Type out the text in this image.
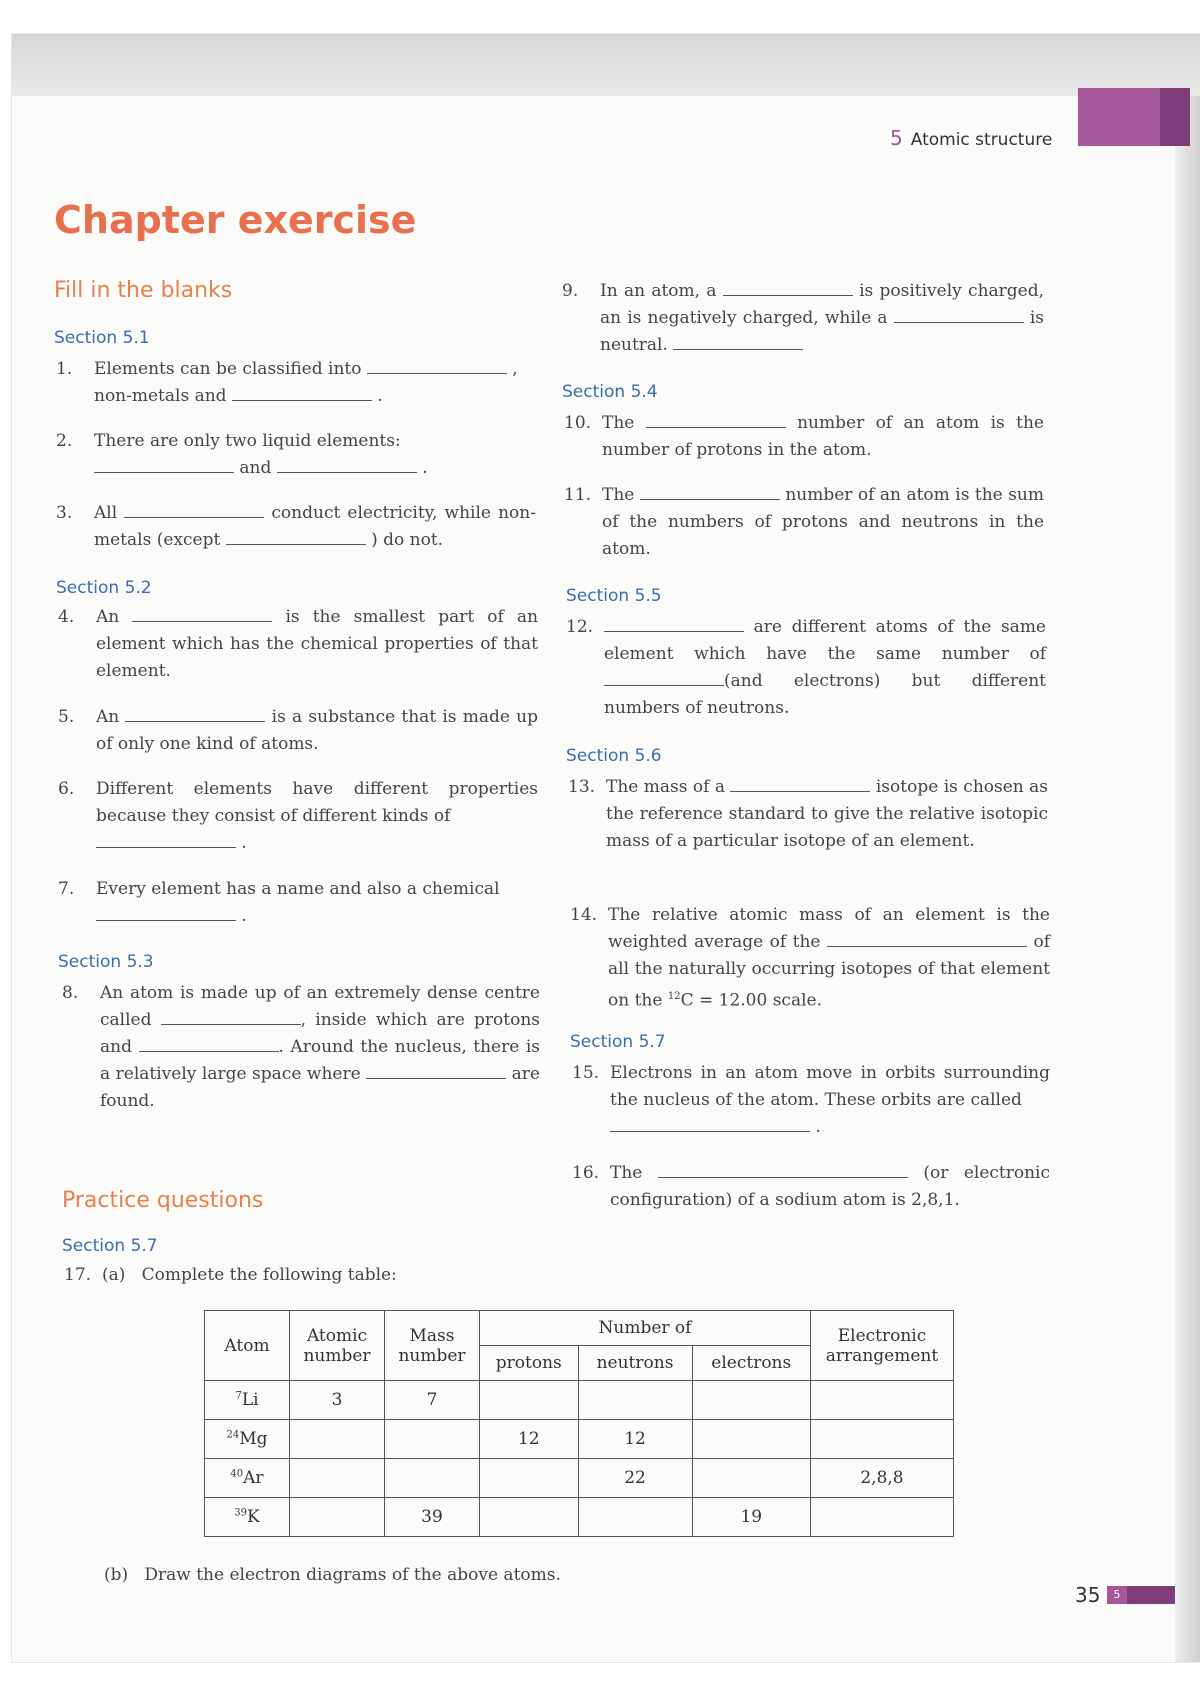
5 Atomic structure
Chapter exercise
Fill in the blanks
Section 5.1
1.	Elements can be classified into	,
non-metals and	.
2.	There are only two liquid elements:
and	.
3.	All	conduct electricity, while non-metals (except	) do not.
Section 5.2
4.	An	is the smallest part of an element which has the chemical properties of that element.
5.	An	is a substance that is made up of only one kind of atoms.
6.	Different elements have different properties because they consist of different kinds of
.
7.	Every element has a name and also a chemical
.
Section 5.3
8.	An atom is made up of an extremely dense centre called	, inside which are protons and	. Around the nucleus, there is a relatively large space where	are found.
Practice questions
Section 5.7
9.	In an atom, a	is positively charged, an is negatively charged, while a	is neutral.
Section 5.4
10. The	number of an atom is the number of protons in the atom.
11. The	number of an atom is the sum of the numbers of protons and neutrons in the atom.
Section 5.5
12.	are different atoms of the same element which have the same number of (and electrons) but different numbers of neutrons.
Section 5.6
13. The mass of a	isotope is chosen as the reference standard to give the relative isotopic mass of a particular isotope of an element.
14. The relative atomic mass of an element is the weighted average of the	of all the naturally occurring isotopes of that element on the $^{12}$C = 12.00 scale.
Section 5.7
15. Electrons in an atom move in orbits surrounding the nucleus of the atom. These orbits are called
.
16. The	(or electronic configuration) of a sodium atom is 2,8,1.
17. (a) Complete the following table:
Atom	Atomic number	Mass number	Number of			Electronic arrangement
			protons	neutrons	electrons	
$^7$Li	3	7				
$^{24}$Mg			12	12		
$^{40}$Ar				22		2,8,8
$^{39}$K		39			19	
(b) Draw the electron diagrams of the above atoms.
35	5
